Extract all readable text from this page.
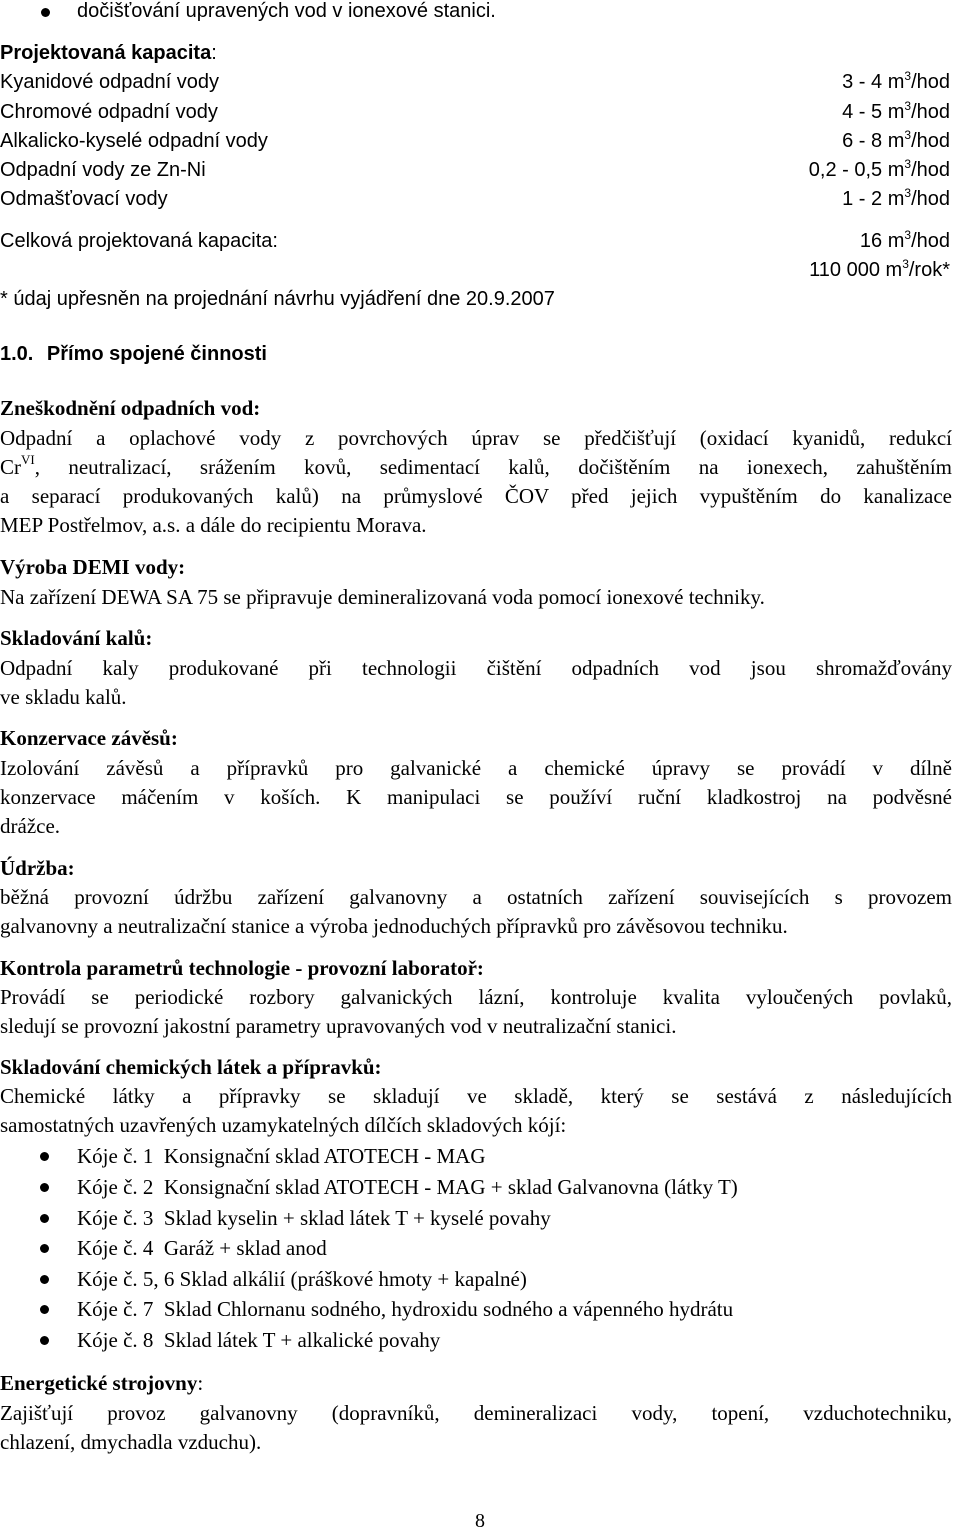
dočišťování upravených vod v ionexové stanici.
Projektovaná kapacita:
Kyanidové odpadní vody	3 - 4 $m^3$/hod
Chromové odpadní vody	4 - 5 $m^3$/hod
Alkalicko-kyselé odpadní vody	6 - 8 $m^3$/hod
Odpadní vody ze Zn-Ni	0,2 - 0,5 $m^3$/hod
Odmašťovací vody	1 - 2 $m^3$/hod
Celková projektovaná kapacita:	16 $m^3$/hod
110 000 $m^3/rok*$
* údaj upřesněn na projednání návrhu vyjádření dne 20.9.2007
1.0. Přímo spojené činnosti
Zneškodnění odpadních vod:
Odpadní a oplachové vody z povrchových úprav se předčišťují (oxidací kyanidů, redukcí
$Cr^{VI}$, neutralizací, srážením kovů, sedimentací kalů, dočištěním na ionexech, zahuštěním
a separací produkovaných kalů) na průmyslové ČOV před jejich vypuštěním do kanalizace
MEP Postřelmov, a.s. a dále do recipientu Morava.
Výroba DEMI vody:
Na zařízení DEWA SA 75 se připravuje demineralizovaná voda pomocí ionexové techniky.
Skladování kalů:
Odpadní kaly produkované při technologii čištění odpadních vod jsou shromažďovány
ve skladu kalů.
Konzervace závěsů:
Izolování závěsů a přípravků pro galvanické a chemické úpravy se provádí v dílně
konzervace máčením v koších. K manipulaci se používí ruční kladkostroj na podvěsné
drážce.
Údržba:
běžná provozní údržbu zařízení galvanovny a ostatních zařízení souvisejících s provozem
galvanovny a neutralizační stanice a výroba jednoduchých přípravků pro závěsovou techniku.
Kontrola parametrů technologie - provozní laboratoř:
Provádí se periodické rozbory galvanických lázní, kontroluje kvalita vyloučených povlaků,
sledují se provozní jakostní parametry upravovaných vod v neutralizační stanici.
Skladování chemických látek a přípravků:
Chemické látky a přípravky se skladují ve skladě, který se sestává z následujících
samostatných uzavřených uzamykatelných dílčích skladových kójí:
Kóje č. 1  Konsignační sklad ATOTECH - MAG
Kóje č. 2  Konsignační sklad ATOTECH - MAG + sklad Galvanovna (látky T)
Kóje č. 3  Sklad kyselin + sklad látek T + kyselé povahy
Kóje č. 4  Garáž + sklad anod
Kóje č. 5, 6 Sklad alkálií (práškové hmoty + kapalné)
Kóje č. 7  Sklad Chlornanu sodného, hydroxidu sodného a vápenného hydrátu
Kóje č. 8  Sklad látek T + alkalické povahy
Energetické strojovny:
Zajišťují provoz galvanovny (dopravníků, demineralizaci vody, topení, vzduchotechniku,
chlazení, dmychadla vzduchu).
8
